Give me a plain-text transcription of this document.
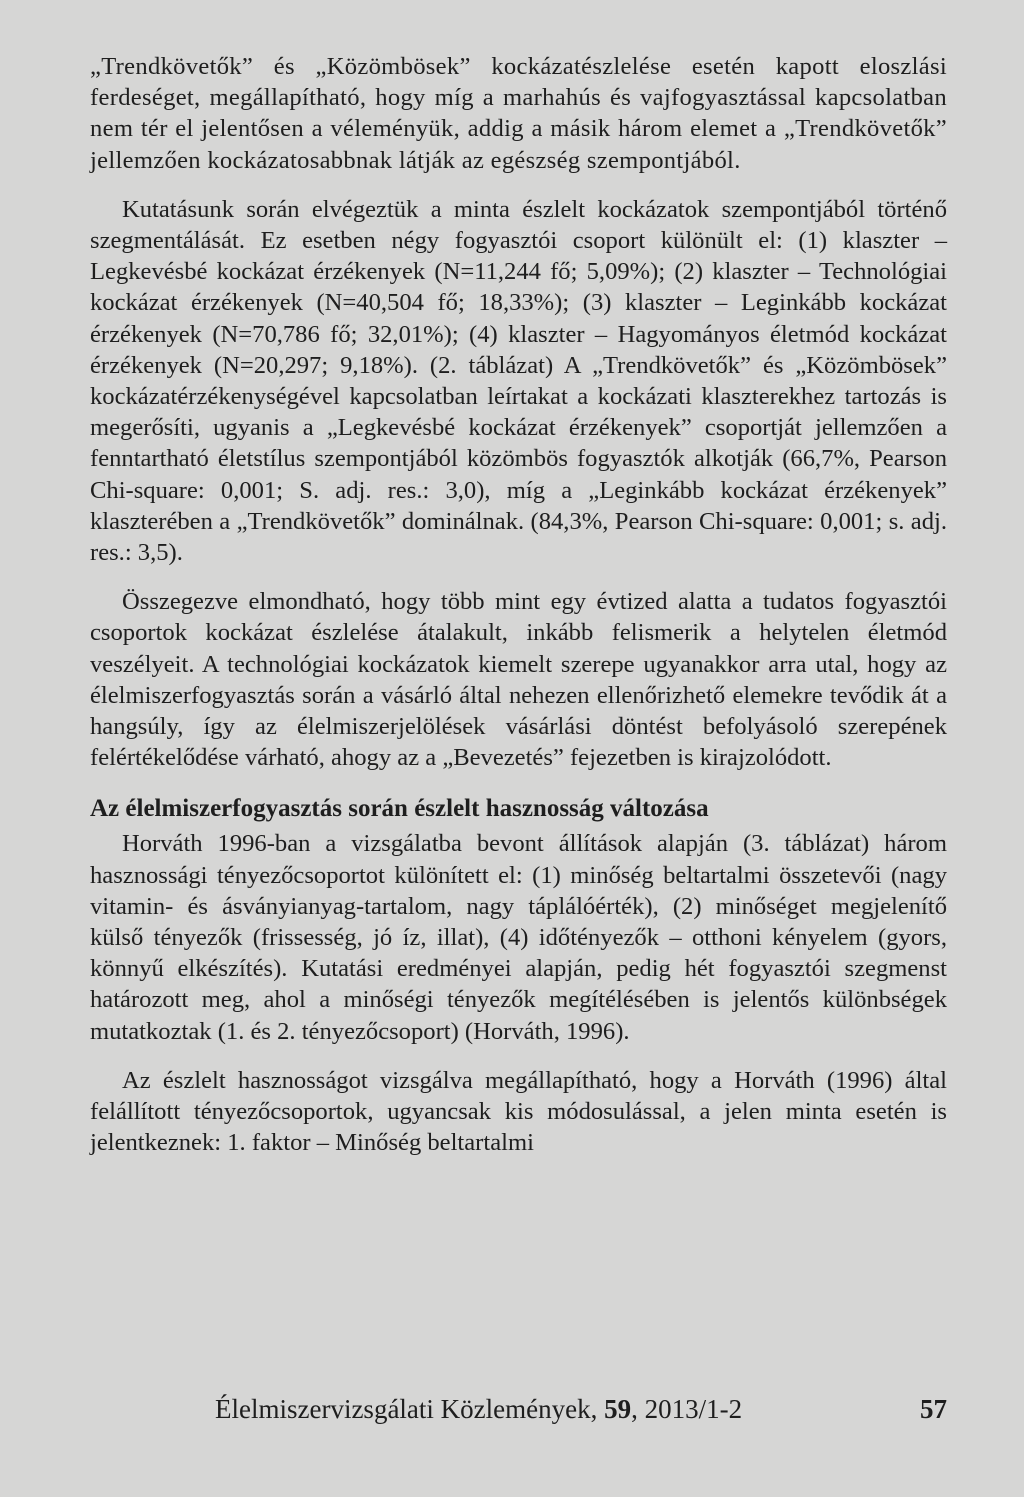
„Trendkövetők” és „Közömbösek” kockázatészlelése esetén kapott eloszlási ferdeséget, megállapítható, hogy míg a marhahús és vajfogyasztással kapcsolatban nem tér el jelentősen a véleményük, addig a másik három elemet a „Trendkövetők” jellemzően kockázatosabbnak látják az egészség szempontjából.

Kutatásunk során elvégeztük a minta észlelt kockázatok szempontjából történő szegmentálását. Ez esetben négy fogyasztói csoport különült el: (1) klaszter – Legkevésbé kockázat érzékenyek (N=11,244 fő; 5,09%); (2) klaszter – Technológiai kockázat érzékenyek (N=40,504 fő; 18,33%); (3) klaszter – Leginkább kockázat érzékenyek (N=70,786 fő; 32,01%); (4) klaszter – Hagyományos életmód kockázat érzékenyek (N=20,297; 9,18%). (2. táblázat) A „Trendkövetők” és „Közömbösek” kockázatérzékenységével kapcsolatban leírtakat a kockázati klaszterekhez tartozás is megerősíti, ugyanis a „Legkevésbé kockázat érzékenyek” csoportját jellemzően a fenntartható életstílus szempontjából közömbös fogyasztók alkotják (66,7%, Pearson Chi-square: 0,001; S. adj. res.: 3,0), míg a „Leginkább kockázat érzékenyek” klaszterében a „Trendkövetők” dominálnak. (84,3%, Pearson Chi-square: 0,001; s. adj. res.: 3,5).

Összegezve elmondható, hogy több mint egy évtized alatta a tudatos fogyasztói csoportok kockázat észlelése átalakult, inkább felismerik a helytelen életmód veszélyeit. A technológiai kockázatok kiemelt szerepe ugyanakkor arra utal, hogy az élelmiszerfogyasztás során a vásárló által nehezen ellenőrizhető elemekre tevődik át a hangsúly, így az élelmiszerjelölések vásárlási döntést befolyásoló szerepének felértékelődése várható, ahogy az a „Bevezetés” fejezetben is kirajzolódott.

Az élelmiszerfogyasztás során észlelt hasznosság változása

Horváth 1996-ban a vizsgálatba bevont állítások alapján (3. táblázat) három hasznossági tényezőcsoportot különített el: (1) minőség beltartalmi összetevői (nagy vitamin- és ásványianyag-tartalom, nagy táplálóérték), (2) minőséget megjelenítő külső tényezők (frissesség, jó íz, illat), (4) időtényezők – otthoni kényelem (gyors, könnyű elkészítés). Kutatási eredményei alapján, pedig hét fogyasztói szegmenst határozott meg, ahol a minőségi tényezők megítélésében is jelentős különbségek mutatkoztak (1. és 2. tényezőcsoport) (Horváth, 1996).

Az észlelt hasznosságot vizsgálva megállapítható, hogy a Horváth (1996) által felállított tényezőcsoportok, ugyancsak kis módosulással, a jelen minta esetén is jelentkeznek: 1. faktor – Minőség beltartalmi

Élelmiszervizsgálati Közlemények, 59, 2013/1-2	57
